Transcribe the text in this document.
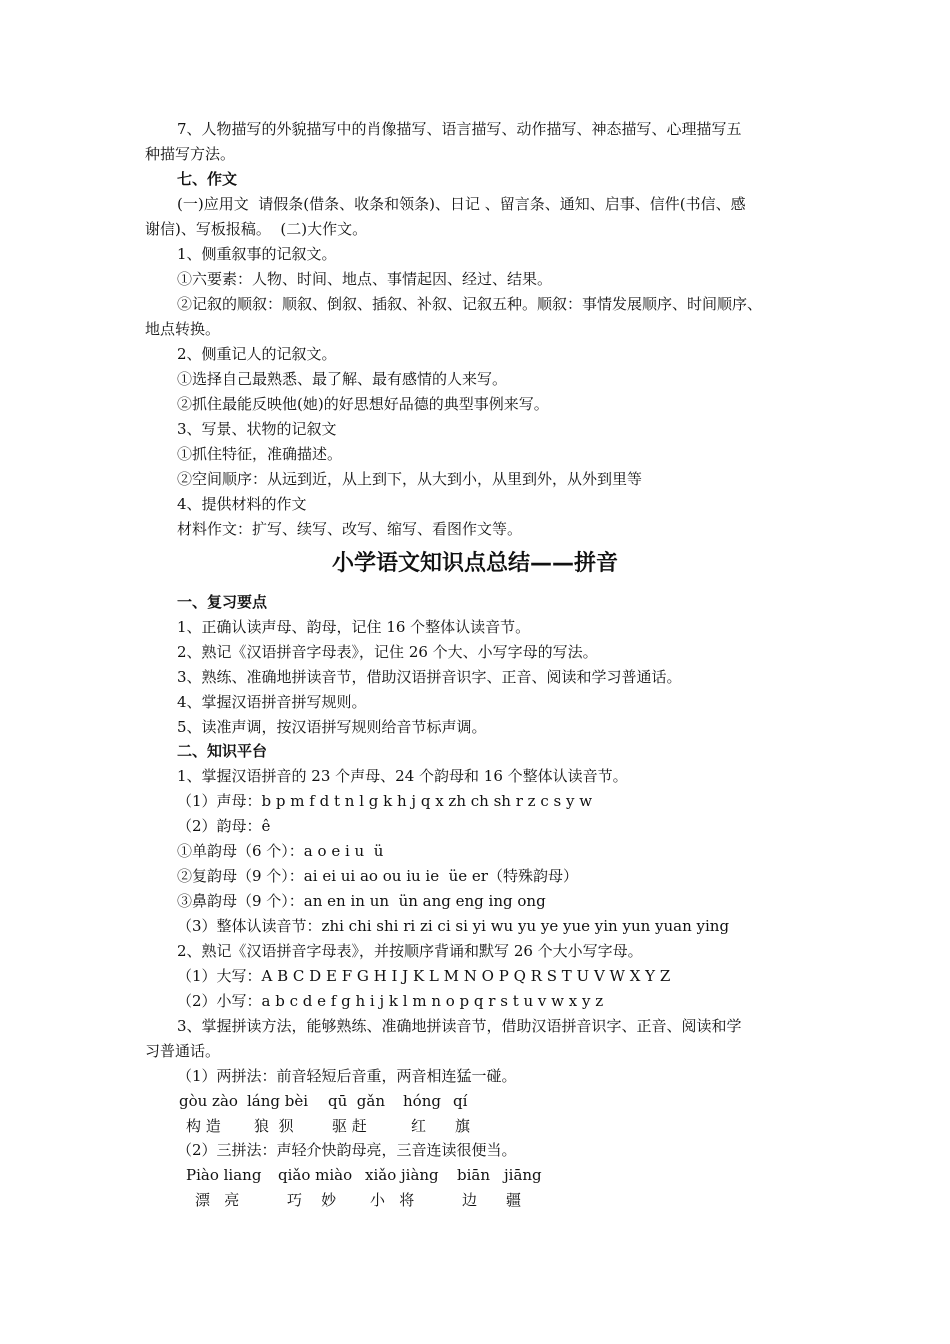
7、人物描写的外貌描写中的肖像描写、语言描写、动作描写、神态描写、心理描写五
种描写方法。
七、作文
(一)应用文  请假条(借条、收条和领条)、日记 、留言条、通知、启事、信件(书信、感
谢信)、写板报稿。  (二)大作文。
1、侧重叙事的记叙文。
①六要素：人物、时间、地点、事情起因、经过、结果。
②记叙的顺叙：顺叙、倒叙、插叙、补叙、记叙五种。顺叙：事情发展顺序、时间顺序、
地点转换。
2、侧重记人的记叙文。
①选择自己最熟悉、最了解、最有感情的人来写。
②抓住最能反映他(她)的好思想好品德的典型事例来写。
3、写景、状物的记叙文
①抓住特征，准确描述。
②空间顺序：从远到近，从上到下，从大到小，从里到外，从外到里等
4、提供材料的作文
材料作文：扩写、续写、改写、缩写、看图作文等。
小学语文知识点总结——拼音
一、复习要点
1、正确认读声母、韵母，记住 16 个整体认读音节。
2、熟记《汉语拼音字母表》，记住 26 个大、小写字母的写法。
3、熟练、准确地拼读音节，借助汉语拼音识字、正音、阅读和学习普通话。
4、掌握汉语拼音拼写规则。
5、读准声调，按汉语拼写规则给音节标声调。
二、知识平台
1、掌握汉语拼音的 23 个声母、24 个韵母和 16 个整体认读音节。
（1）声母：b p m f d t n l g k h j q x zh ch sh r z c s y w
（2）韵母：ê
①单韵母（6 个）：a o e i u  ü
②复韵母（9 个）：ai ei ui ao ou iu ie  üe er（特殊韵母）
③鼻韵母（9 个）：an en in un  ün ang eng ing ong
（3）整体认读音节：zhi chi shi ri zi ci si yi wu yu ye yue yin yun yuan ying
2、熟记《汉语拼音字母表》，并按顺序背诵和默写 26 个大小写字母。
（1）大写：A B C D E F G H I J K L M N O P Q R S T U V W X Y Z
（2）小写：a b c d e f g h i j k l m n o p q r s t u v w x y z
3、掌握拼读方法，能够熟练、准确地拼读音节，借助汉语拼音识字、正音、阅读和学
习普通话。
（1）两拼法：前音轻短后音重，两音相连猛一碰。
gòu zào láng bèi qū  gǎn hóng qí
构 造 狼  狈	驱 赶	红 旗
（2）三拼法：声轻介快韵母亮，三音连读很便当。
Piào liang qiǎo miào xiǎo jiàng biān jiāng
漂   亮	巧    妙 小   将	边 疆
